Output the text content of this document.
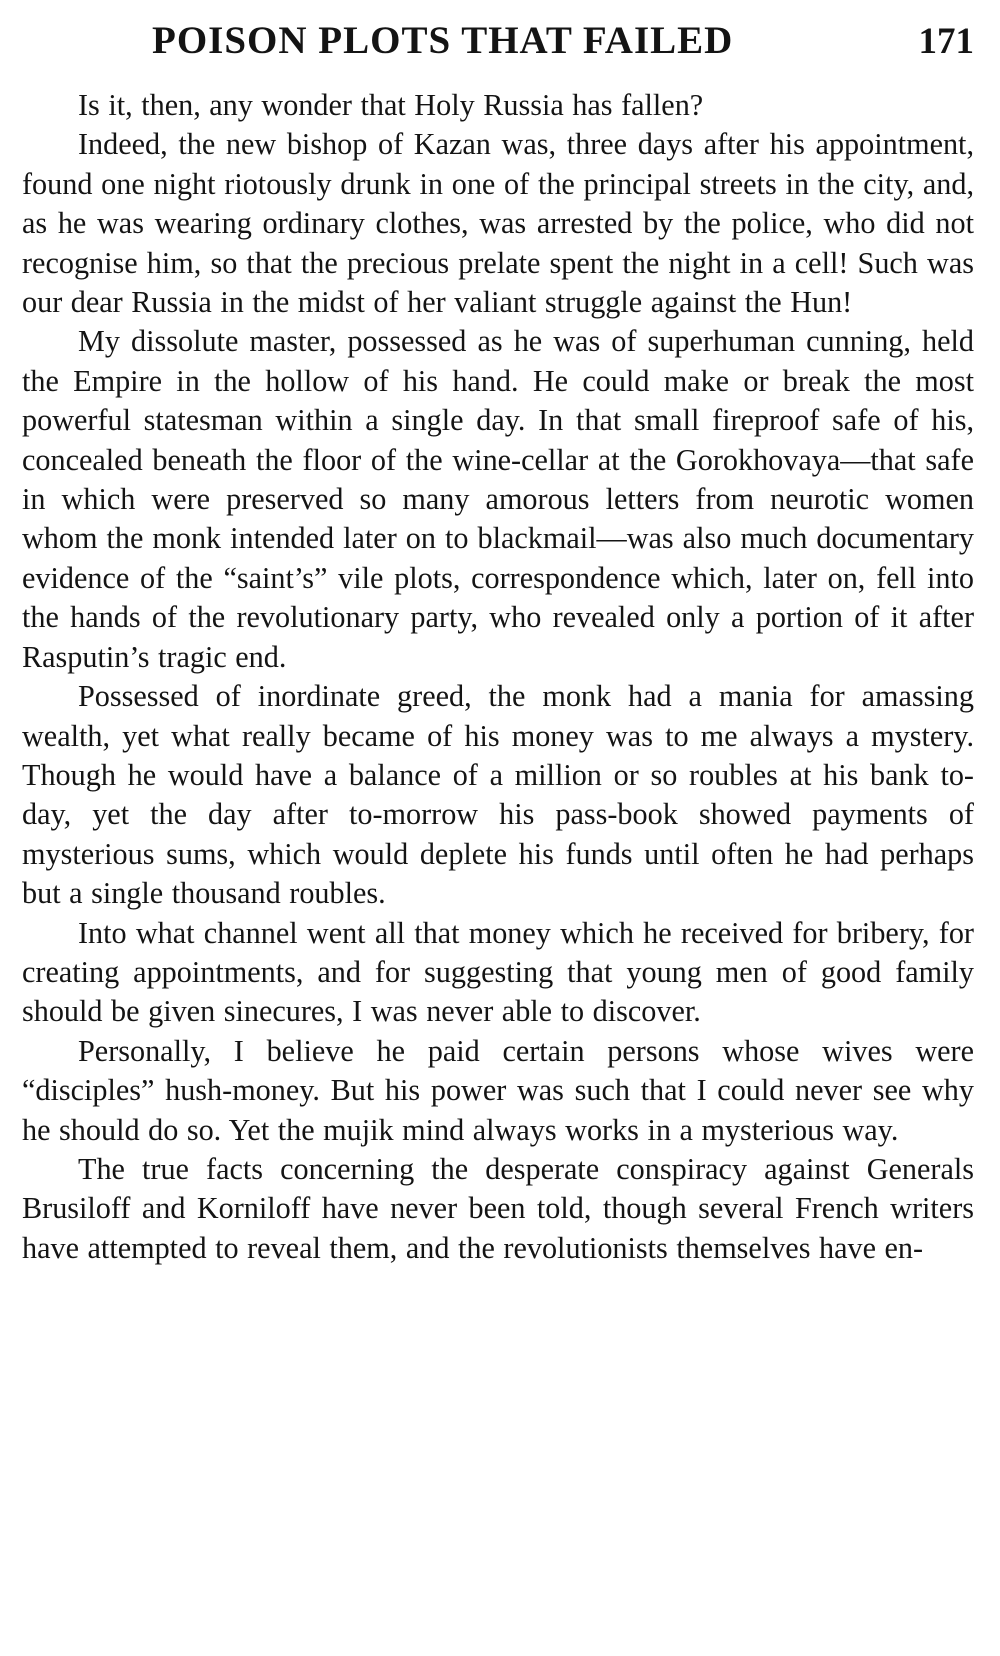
POISON PLOTS THAT FAILED	171

Is it, then, any wonder that Holy Russia has fallen?

Indeed, the new bishop of Kazan was, three days after his appointment, found one night riotously drunk in one of the principal streets in the city, and, as he was wearing ordinary clothes, was arrested by the police, who did not recognise him, so that the precious prelate spent the night in a cell! Such was our dear Russia in the midst of her valiant struggle against the Hun!

My dissolute master, possessed as he was of superhuman cunning, held the Empire in the hollow of his hand. He could make or break the most powerful statesman within a single day. In that small fireproof safe of his, concealed beneath the floor of the wine-cellar at the Gorokhovaya—that safe in which were preserved so many amorous letters from neurotic women whom the monk intended later on to blackmail—was also much documentary evidence of the “saint’s” vile plots, correspondence which, later on, fell into the hands of the revolutionary party, who revealed only a portion of it after Rasputin’s tragic end.

Possessed of inordinate greed, the monk had a mania for amassing wealth, yet what really became of his money was to me always a mystery. Though he would have a balance of a million or so roubles at his bank to-day, yet the day after to-morrow his pass-book showed payments of mysterious sums, which would deplete his funds until often he had perhaps but a single thousand roubles.

Into what channel went all that money which he received for bribery, for creating appointments, and for suggesting that young men of good family should be given sinecures, I was never able to discover.

Personally, I believe he paid certain persons whose wives were “disciples” hush-money. But his power was such that I could never see why he should do so. Yet the mujik mind always works in a mysterious way.

The true facts concerning the desperate conspiracy against Generals Brusiloff and Korniloff have never been told, though several French writers have attempted to reveal them, and the revolutionists themselves have en-
